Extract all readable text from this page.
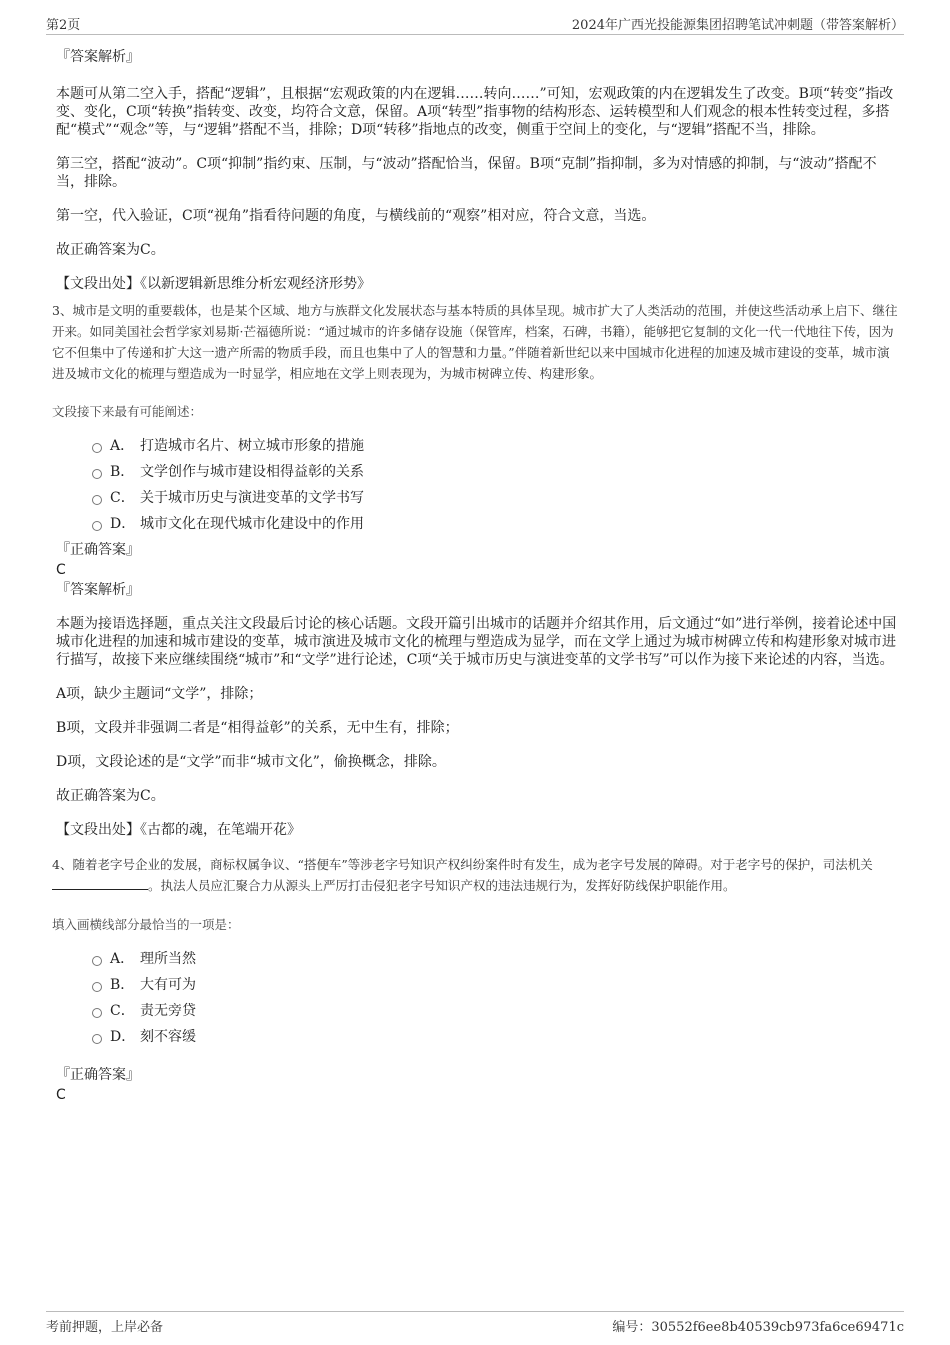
第2页	2024年广西光投能源集团招聘笔试冲刺题（带答案解析）

『答案解析』

本题可从第二空入手，搭配“逻辑”，且根据“宏观政策的内在逻辑……转向……”可知，宏观政策的内在逻辑发生了改变。B项“转变”指改变、变化，C项“转换”指转变、改变，均符合文意，保留。A项“转型”指事物的结构形态、运转模型和人们观念的根本性转变过程，多搭配“模式”“观念”等，与“逻辑”搭配不当，排除；D项“转移”指地点的改变，侧重于空间上的变化，与“逻辑”搭配不当，排除。

第三空，搭配“波动”。C项“抑制”指约束、压制，与“波动”搭配恰当，保留。B项“克制”指抑制，多为对情感的抑制，与“波动”搭配不当，排除。

第一空，代入验证，C项“视角”指看待问题的角度，与横线前的“观察”相对应，符合文意，当选。

故正确答案为C。

【文段出处】《以新逻辑新思维分析宏观经济形势》

3、城市是文明的重要载体，也是某个区域、地方与族群文化发展状态与基本特质的具体呈现。城市扩大了人类活动的范围，并使这些活动承上启下、继往开来。如同美国社会哲学家刘易斯·芒福德所说：“通过城市的许多储存设施（保管库，档案，石碑，书籍），能够把它复制的文化一代一代地往下传，因为它不但集中了传递和扩大这一遗产所需的物质手段，而且也集中了人的智慧和力量。”伴随着新世纪以来中国城市化进程的加速及城市建设的变革，城市演进及城市文化的梳理与塑造成为一时显学，相应地在文学上则表现为，为城市树碑立传、构建形象。

文段接下来最有可能阐述：

A． 打造城市名片、树立城市形象的措施
B． 文学创作与城市建设相得益彰的关系
C． 关于城市历史与演进变革的文学书写
D． 城市文化在现代城市化建设中的作用

『正确答案』

C

『答案解析』

本题为接语选择题，重点关注文段最后讨论的核心话题。文段开篇引出城市的话题并介绍其作用，后文通过“如”进行举例，接着论述中国城市化进程的加速和城市建设的变革，城市演进及城市文化的梳理与塑造成为显学，而在文学上通过为城市树碑立传和构建形象对城市进行描写，故接下来应继续围绕“城市”和“文学”进行论述，C项“关于城市历史与演进变革的文学书写”可以作为接下来论述的内容，当选。

A项，缺少主题词“文学”，排除；

B项，文段并非强调二者是“相得益彰”的关系，无中生有，排除；

D项，文段论述的是“文学”而非“城市文化”，偷换概念，排除。

故正确答案为C。

【文段出处】《古都的魂，在笔端开花》

4、随着老字号企业的发展，商标权属争议、“搭便车”等涉老字号知识产权纠纷案件时有发生，成为老字号发展的障碍。对于老字号的保护，司法机关 。执法人员应汇聚合力从源头上严厉打击侵犯老字号知识产权的违法违规行为，发挥好防线保护职能作用。

填入画横线部分最恰当的一项是：

A． 理所当然
B． 大有可为
C． 责无旁贷
D． 刻不容缓

『正确答案』

C

考前押题，上岸必备	编号：30552f6ee8b40539cb973fa6ce69471c
